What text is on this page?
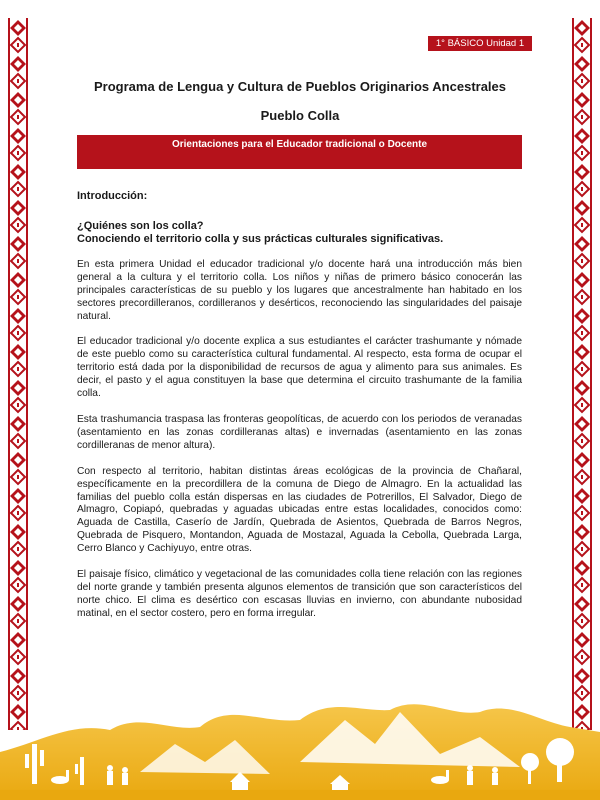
1° BÁSICO Unidad 1
Programa de Lengua y Cultura de Pueblos Originarios Ancestrales
Pueblo Colla
Orientaciones para el Educador tradicional o Docente
Introducción:

¿Quiénes son los colla?

Conociendo el territorio colla y sus prácticas culturales significativas.

En esta primera Unidad el educador tradicional y/o docente hará una introducción más bien general a la cultura y el territorio colla. Los niños y niñas de primero básico conocerán las principales características de su pueblo y los lugares que ancestralmente han habitado en los sectores precordilleranos, cordilleranos y desérticos, reconociendo las singularidades del paisaje natural.

El educador tradicional y/o docente explica a sus estudiantes el carácter trashumante y nómade de este pueblo como su característica cultural fundamental. Al respecto, esta forma de ocupar el territorio está dada por la disponibilidad de recursos de agua y alimento para sus animales. Es decir, el pasto y el agua constituyen la base que determina el circuito trashumante de la familia colla.

Esta trashumancia traspasa las fronteras geopolíticas, de acuerdo con los periodos de veranadas (asentamiento en las zonas cordilleranas altas) e invernadas (asentamiento en las zonas cordilleranas de menor altura).

Con respecto al territorio, habitan distintas áreas ecológicas de la provincia de Chañaral, específicamente en la precordillera de la comuna de Diego de Almagro. En la actualidad las familias del pueblo colla están dispersas en las ciudades de Potrerillos, El Salvador, Diego de Almagro, Copiapó, quebradas y aguadas ubicadas entre estas localidades, conocidos como: Aguada de Castilla, Caserío de Jardín, Quebrada de Asientos, Quebrada de Barros Negros, Quebrada de Pisquero, Montandon, Aguada de Mostazal, Aguada la Cebolla, Quebrada Larga, Cerro Blanco y Cachiyuyo, entre otras.

El paisaje físico, climático y vegetacional de las comunidades colla tiene relación con las regiones del norte grande y también presenta algunos elementos de transición que son característicos del norte chico. El clima es desértico con escasas lluvias en invierno, con abundante nubosidad matinal, en el sector costero, pero en forma irregular.
